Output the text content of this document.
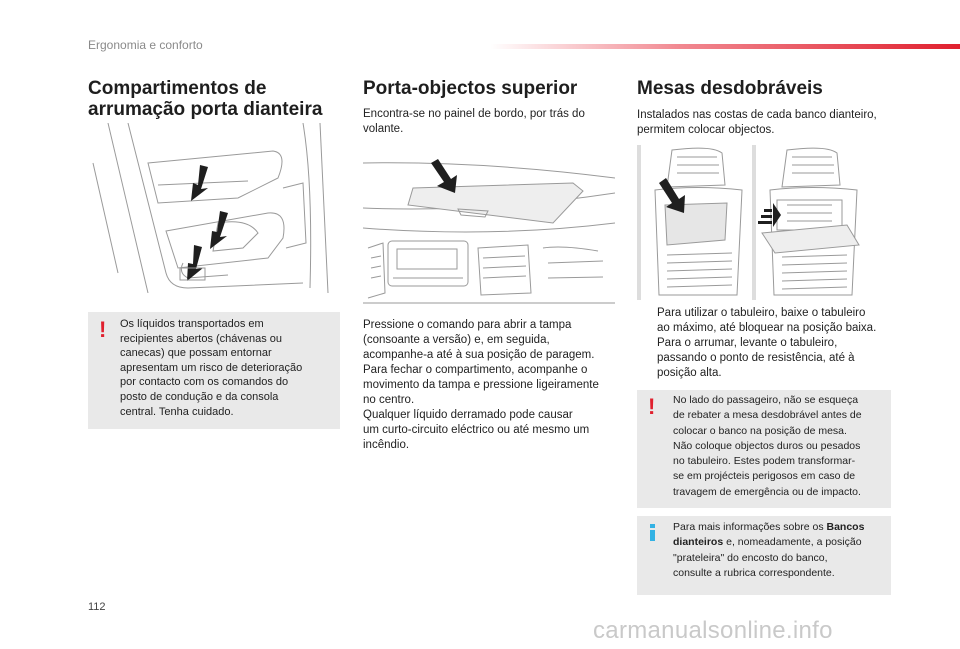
Ergonomia e conforto
Compartimentos de
arrumação porta dianteira
! Os líquidos transportados em
recipientes abertos (chávenas ou
canecas) que possam entornar
apresentam um risco de deterioração
por contacto com os comandos do
posto de condução e da consola
central. Tenha cuidado.

Porta-objectos superior

Encontra-se no painel de bordo, por trás do
volante.

Pressione o comando para abrir a tampa
(consoante a versão) e, em seguida,
acompanhe-a até à sua posição de paragem.
Para fechar o compartimento, acompanhe o
movimento da tampa e pressione ligeiramente
no centro.
Qualquer líquido derramado pode causar
um curto-circuito eléctrico ou até mesmo um
incêndio.

Mesas desdobráveis

Instalados nas costas de cada banco dianteiro,
permitem colocar objectos.

Para utilizar o tabuleiro, baixe o tabuleiro
ao máximo, até bloquear na posição baixa.
Para o arrumar, levante o tabuleiro,
passando o ponto de resistência, até à
posição alta.
! No lado do passageiro, não se esqueça
de rebater a mesa desdobrável antes de
colocar o banco na posição de mesa.
Não coloque objectos duros ou pesados
no tabuleiro. Estes podem transformar-
se em projécteis perigosos em caso de
travagem de emergência ou de impacto.

Para mais informações sobre os Bancos
dianteiros e, nomeadamente, a posição
"prateleira" do encosto do banco,
consulte a rubrica correspondente.

112
carmanualsonline.info
